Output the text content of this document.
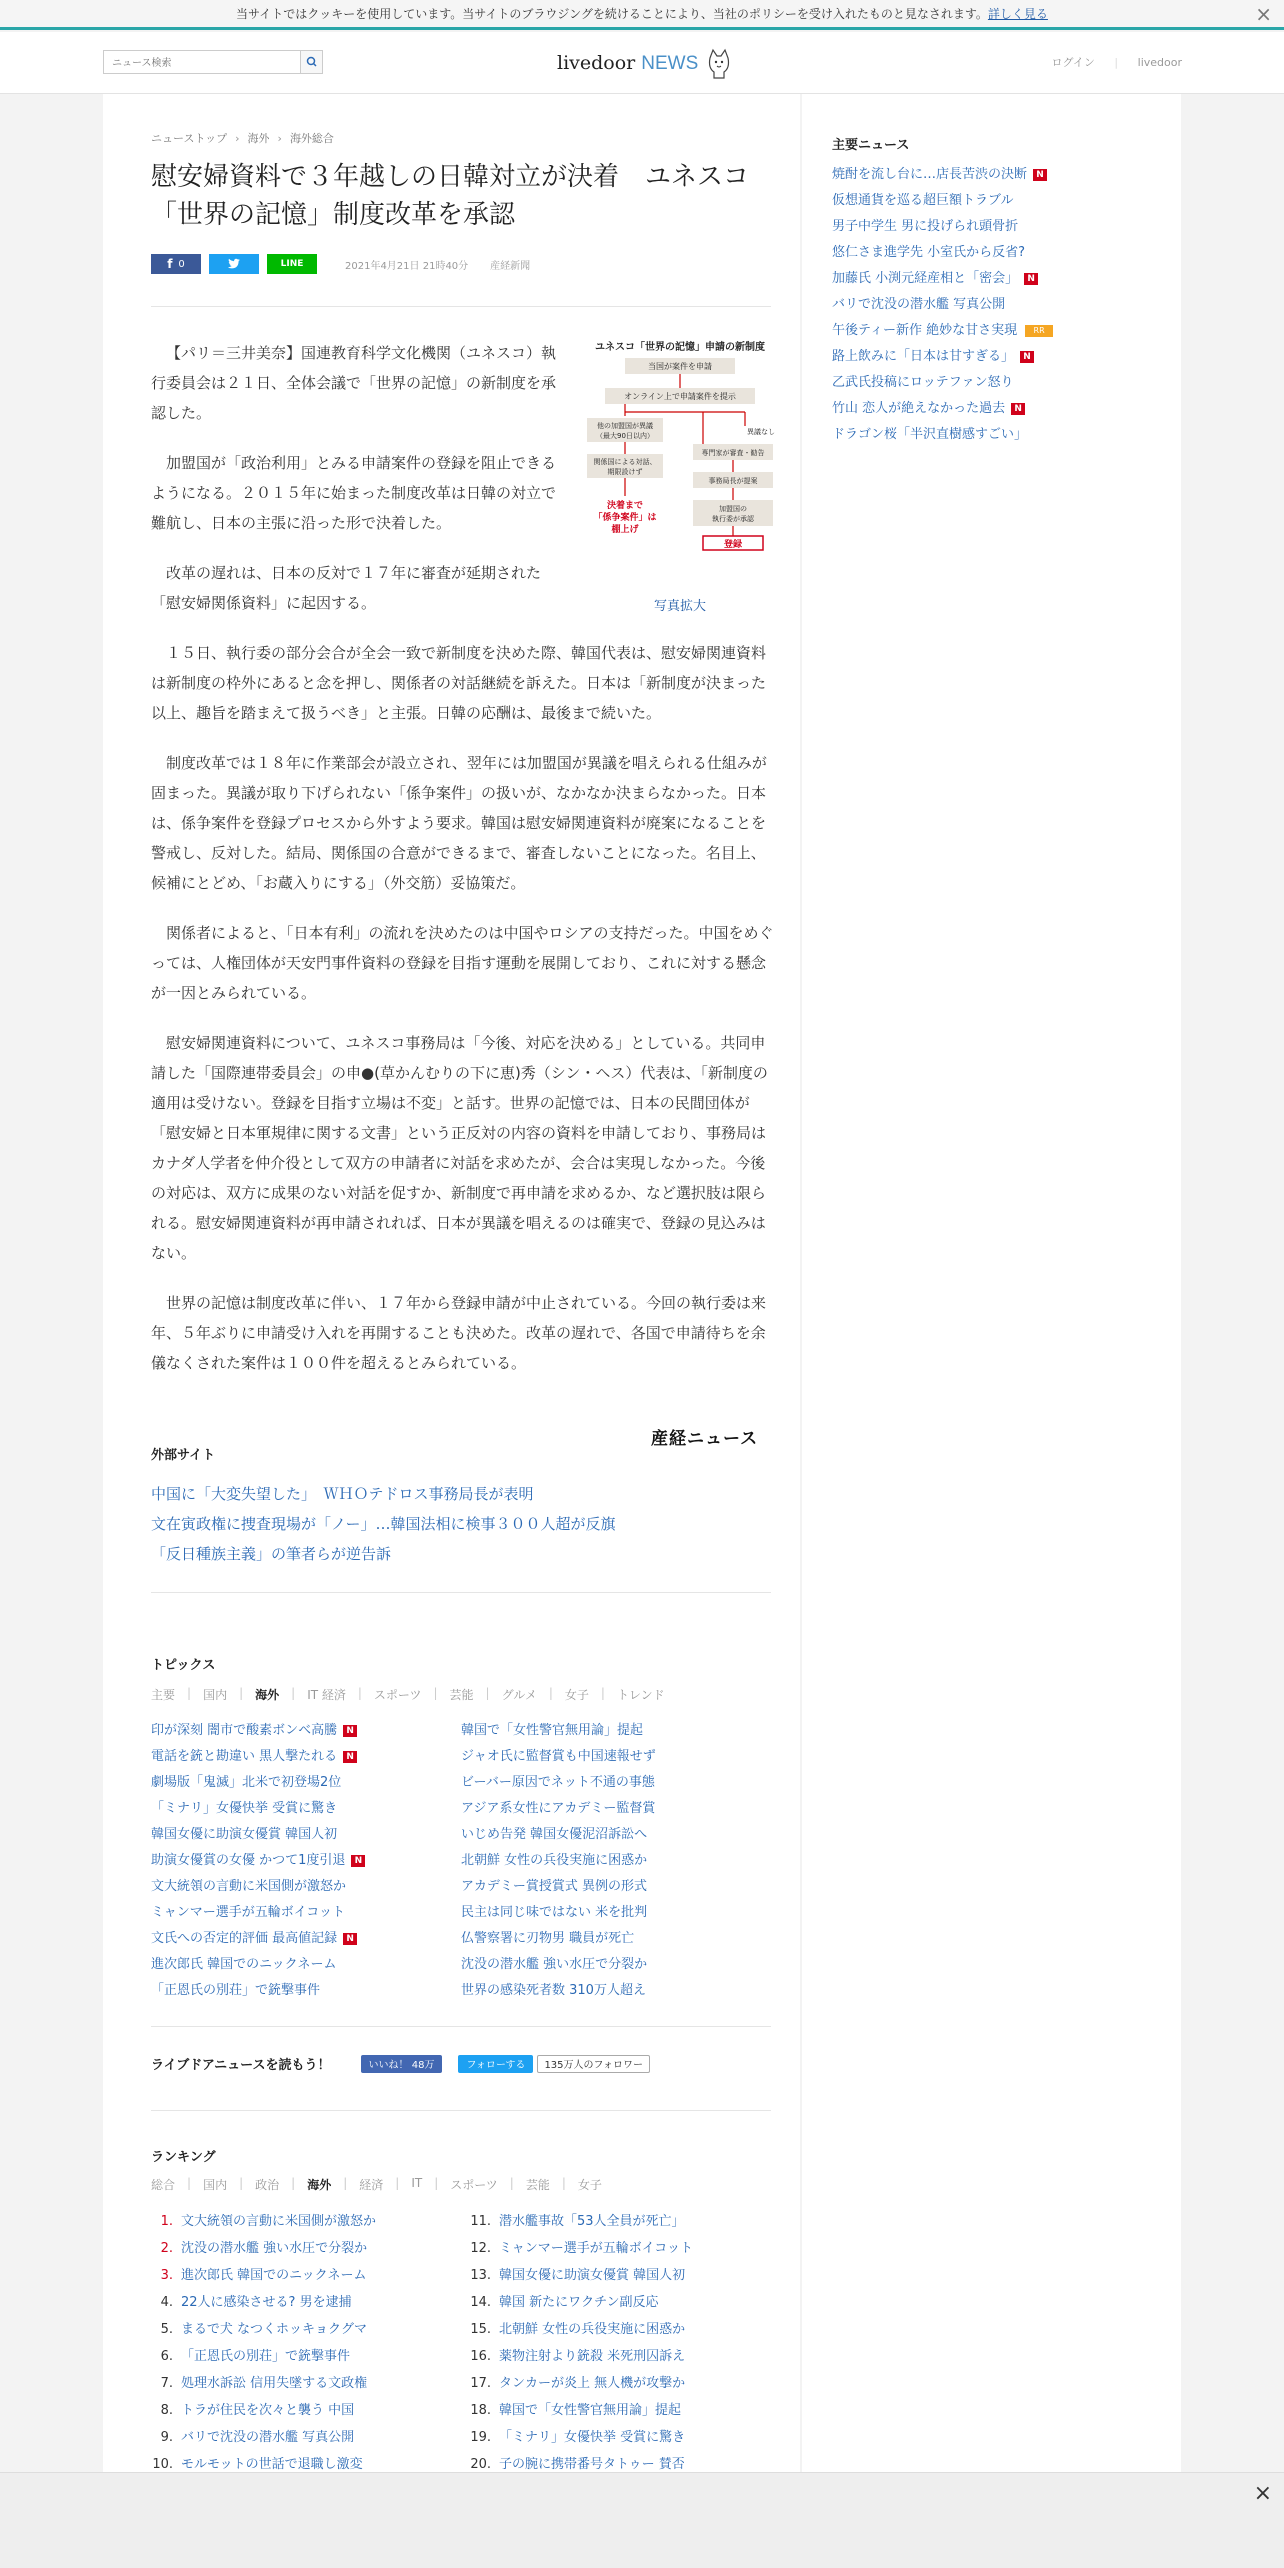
当サイトではクッキーを使用しています。当サイトのブラウジングを続けることにより、当社のポリシーを受け入れたものと見なされます。詳しく見る	×
ニュース検索
livedoor NEWS	ログイン | livedoor
ニューストップ › 海外 › 海外総合
慰安婦資料で３年越しの日韓対立が決着　ユネスコ　「世界の記憶」制度改革を承認
f 0	LINE	2021年4月21日 21時40分 産経新聞
ユネスコ「世界の記憶」申請の新制度
当国が案件を申請
オンライン上で申請案件を提示
異議なし
他の加盟国が異議
（最大90日以内）
専門家が審査・勧告
関係国による対話、
期限設けず
事務局長が提案
決着まで
「係争案件」は
棚上げ
加盟国の
執行委が承認
登録
写真拡大

【パリ＝三井美奈】国連教育科学文化機関（ユネスコ）執行委員会は２１日、全体会議で「世界の記憶」の新制度を承認した。

加盟国が「政治利用」とみる申請案件の登録を阻止できるようになる。２０１５年に始まった制度改革は日韓の対立で難航し、日本の主張に沿った形で決着した。

改革の遅れは、日本の反対で１７年に審査が延期された「慰安婦関係資料」に起因する。

１５日、執行委の部分会合が全会一致で新制度を決めた際、韓国代表は、慰安婦関連資料は新制度の枠外にあると念を押し、関係者の対話継続を訴えた。日本は「新制度が決まった以上、趣旨を踏まえて扱うべき」と主張。日韓の応酬は、最後まで続いた。

制度改革では１８年に作業部会が設立され、翌年には加盟国が異議を唱えられる仕組みが固まった。異議が取り下げられない「係争案件」の扱いが、なかなか決まらなかった。日本は、係争案件を登録プロセスから外すよう要求。韓国は慰安婦関連資料が廃案になることを警戒し、反対した。結局、関係国の合意ができるまで、審査しないことになった。名目上、候補にとどめ、「お蔵入りにする」（外交筋）妥協策だ。

関係者によると、「日本有利」の流れを決めたのは中国やロシアの支持だった。中国をめぐっては、人権団体が天安門事件資料の登録を目指す運動を展開しており、これに対する懸念が一因とみられている。

慰安婦関連資料について、ユネスコ事務局は「今後、対応を決める」としている。共同申請した「国際連帯委員会」の申●(草かんむりの下に恵)秀（シン・ヘス）代表は、「新制度の適用は受けない。登録を目指す立場は不変」と話す。世界の記憶では、日本の民間団体が「慰安婦と日本軍規律に関する文書」という正反対の内容の資料を申請しており、事務局はカナダ人学者を仲介役として双方の申請者に対話を求めたが、会合は実現しなかった。今後の対応は、双方に成果のない対話を促すか、新制度で再申請を求めるか、など選択肢は限られる。慰安婦関連資料が再申請されれば、日本が異議を唱えるのは確実で、登録の見込みはない。

世界の記憶は制度改革に伴い、１７年から登録申請が中止されている。今回の執行委は来年、５年ぶりに申請受け入れを再開することも決めた。改革の遅れで、各国で申請待ちを余儀なくされた案件は１００件を超えるとみられている。

産経ニュース
外部サイト
中国に「大変失望した」　ＷＨＯテドロス事務局長が表明
文在寅政権に捜査現場が「ノー」…韓国法相に検事３００人超が反旗
「反日種族主義」の筆者らが逆告訴
トピックス
主要 | 国内 | 海外 | IT 経済 | スポーツ | 芸能 | グルメ | 女子 | トレンド
印が深刻 闇市で酸素ボンベ高騰 N
電話を銃と勘違い 黒人撃たれる N
劇場版「鬼滅」北米で初登場2位
「ミナリ」女優快挙 受賞に驚き
韓国女優に助演女優賞 韓国人初
助演女優賞の女優 かつて1度引退 N
文大統領の言動に米国側が激怒か
ミャンマー選手が五輪ボイコット
文氏への否定的評価 最高値記録 N
進次郎氏 韓国でのニックネーム
「正恩氏の別荘」で銃撃事件
韓国で「女性警官無用論」提起
ジャオ氏に監督賞も中国速報せず
ビーバー原因でネット不通の事態
アジア系女性にアカデミー監督賞
いじめ告発 韓国女優泥沼訴訟へ
北朝鮮 女性の兵役実施に困惑か
アカデミー賞授賞式 異例の形式
民主は同じ味ではない 米を批判
仏警察署に刃物男 職員が死亡
沈没の潜水艦 強い水圧で分裂か
世界の感染死者数 310万人超え
ライブドアニュースを読もう！	いいね！ 48万	フォローする	135万人のフォロワー
ランキング
総合 | 国内 | 政治 | 海外 | 経済 | IT | スポーツ | 芸能 | 女子
1. 文大統領の言動に米国側が激怒か
2. 沈没の潜水艦 強い水圧で分裂か
3. 進次郎氏 韓国でのニックネーム
4. 22人に感染させる? 男を逮捕
5. まるで犬 なつくホッキョクグマ
6. 「正恩氏の別荘」で銃撃事件
7. 処理水訴訟 信用失墜する文政権
8. トラが住民を次々と襲う 中国
9. バリで沈没の潜水艦 写真公開
10. モルモットの世話で退職し激変
11. 潜水艦事故「53人全員が死亡」
12. ミャンマー選手が五輪ボイコット
13. 韓国女優に助演女優賞 韓国人初
14. 韓国 新たにワクチン副反応
15. 北朝鮮 女性の兵役実施に困惑か
16. 薬物注射より銃殺 米死刑囚訴え
17. タンカーが炎上 無人機が攻撃か
18. 韓国で「女性警官無用論」提起
19. 「ミナリ」女優快挙 受賞に驚き
20. 子の腕に携帯番号タトゥー 賛否
主要ニュース
焼酎を流し台に…店長苦渋の決断 N
仮想通貨を巡る超巨額トラブル
男子中学生 男に投げられ頭骨折
悠仁さま進学先 小室氏から反省?
加藤氏 小渕元経産相と「密会」 N
バリで沈没の潜水艦 写真公開
午後ティー新作 絶妙な甘さ実現 RR
路上飲みに「日本は甘すぎる」 N
乙武氏投稿にロッテファン怒り
竹山 恋人が絶えなかった過去 N
ドラゴン桜「半沢直樹感すごい」
×
